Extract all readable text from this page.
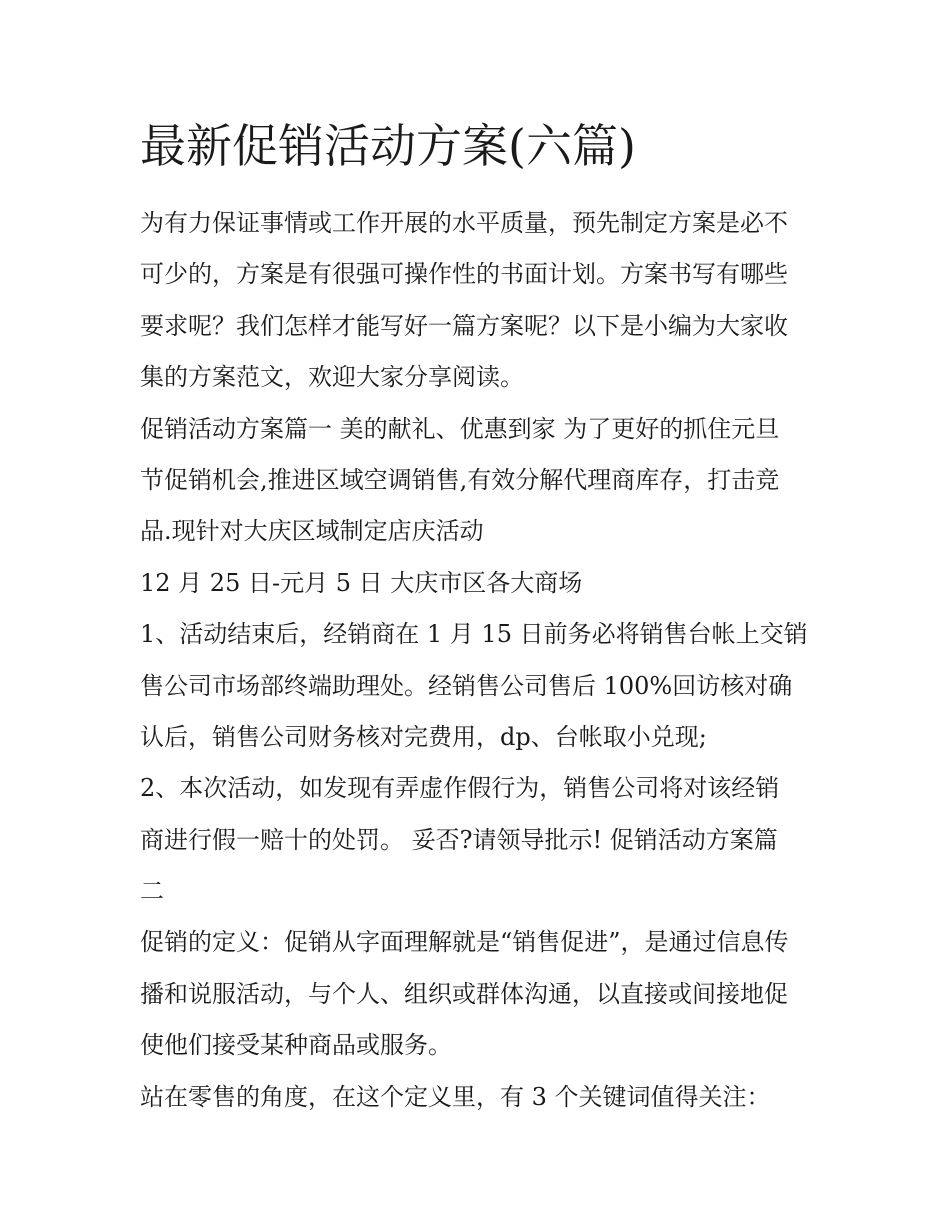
最新促销活动方案(六篇)
为有力保证事情或工作开展的水平质量，预先制定方案是必不
可少的，方案是有很强可操作性的书面计划。方案书写有哪些
要求呢？我们怎样才能写好一篇方案呢？以下是小编为大家收
集的方案范文，欢迎大家分享阅读。
促销活动方案篇一 美的献礼、优惠到家 为了更好的抓住元旦
节促销机会,推进区域空调销售,有效分解代理商库存，打击竞
品.现针对大庆区域制定店庆活动
12 月 25 日-元月 5 日 大庆市区各大商场
1、活动结束后，经销商在 1 月 15 日前务必将销售台帐上交销
售公司市场部终端助理处。经销售公司售后 100%回访核对确
认后，销售公司财务核对完费用，dp、台帐取小兑现;
2、本次活动，如发现有弄虚作假行为，销售公司将对该经销
商进行假一赔十的处罚。 妥否?请领导批示! 促销活动方案篇
二
促销的定义：促销从字面理解就是“销售促进”，是通过信息传
播和说服活动，与个人、组织或群体沟通，以直接或间接地促
使他们接受某种商品或服务。
站在零售的角度，在这个定义里，有 3 个关键词值得关注：
